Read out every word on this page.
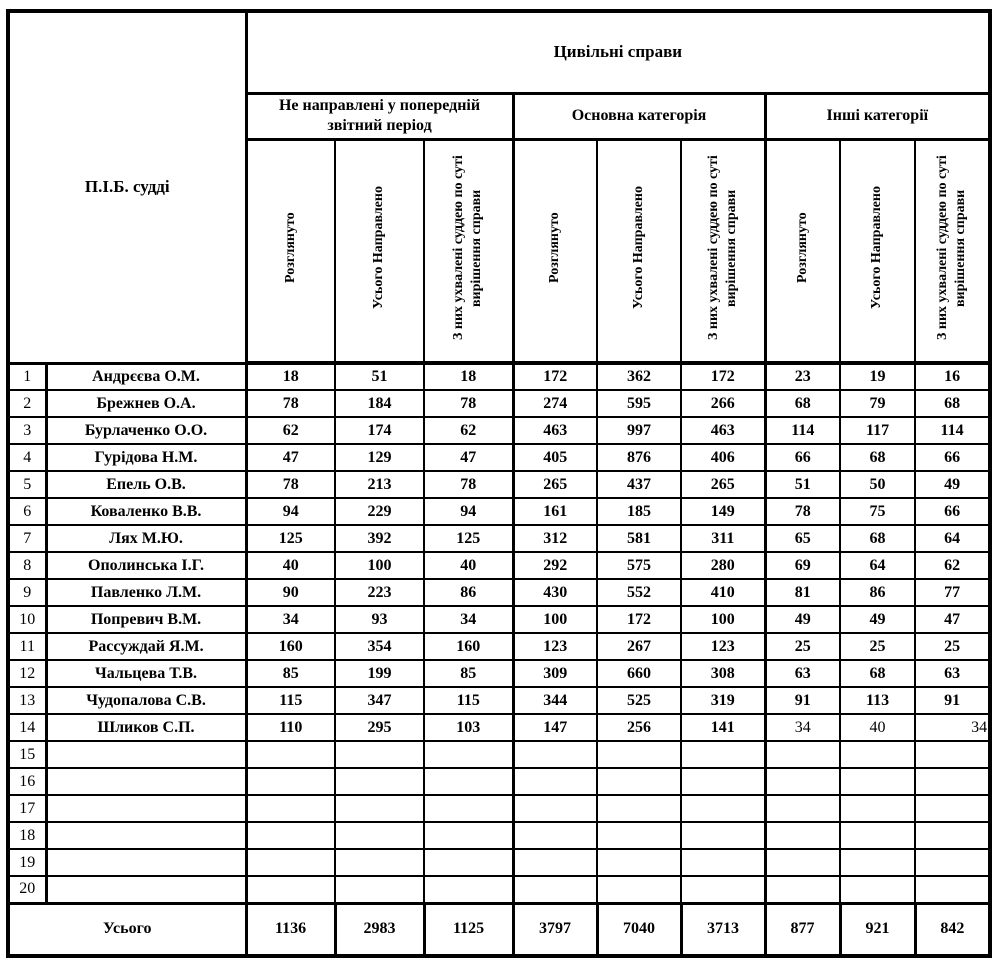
П.І.Б. судді		Цивільні справи								
		Не направлені у попередній звітний період			Основна категорія			Інші категорії		
		Розглянуто	Усього Направлено	З них ухвалені суддею по суті вирішення справи	Розглянуто	Усього Направлено	З них ухвалені суддею по суті вирішення справи	Розглянуто	Усього Направлено	З них ухвалені суддею по суті вирішення справи
1	Андрєєва О.М.	18	51	18	172	362	172	23	19	16
2	Брежнев О.А.	78	184	78	274	595	266	68	79	68
3	Бурлаченко О.О.	62	174	62	463	997	463	114	117	114
4	Гурідова Н.М.	47	129	47	405	876	406	66	68	66
5	Епель О.В.	78	213	78	265	437	265	51	50	49
6	Коваленко В.В.	94	229	94	161	185	149	78	75	66
7	Лях М.Ю.	125	392	125	312	581	311	65	68	64
8	Ополинська І.Г.	40	100	40	292	575	280	69	64	62
9	Павленко Л.М.	90	223	86	430	552	410	81	86	77
10	Попревич В.М.	34	93	34	100	172	100	49	49	47
11	Рассуждай Я.М.	160	354	160	123	267	123	25	25	25
12	Чальцева Т.В.	85	199	85	309	660	308	63	68	63
13	Чудопалова С.В.	115	347	115	344	525	319	91	113	91
14	Шликов С.П.	110	295	103	147	256	141	34	40	34
15										
16										
17										
18										
19										
20										
Усього		1136	2983	1125	3797	7040	3713	877	921	842
